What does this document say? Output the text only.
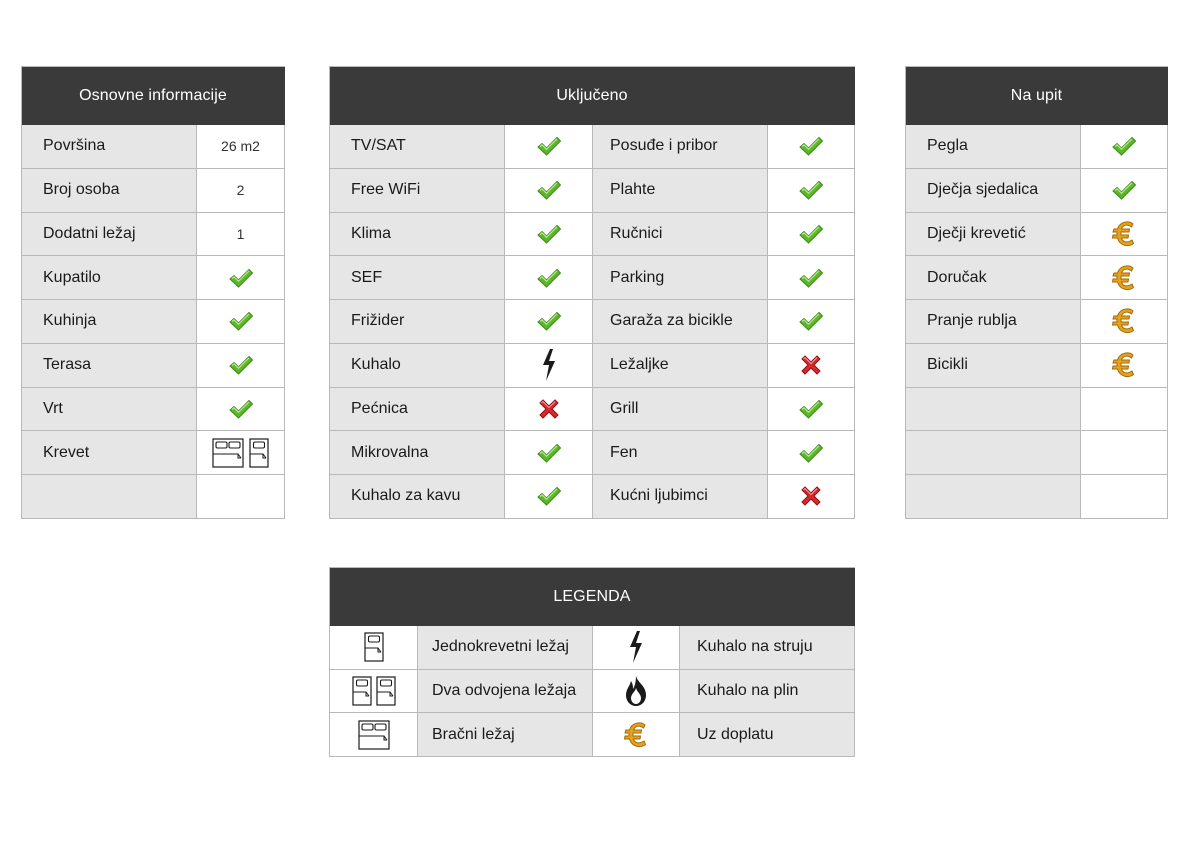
Osnovne informacije
Površina	26 m2
Broj osoba	2
Dodatni ležaj	1
Kupatilo
Kuhinja
Terasa
Vrt
Krevet
Uključeno
TV/SAT	Posuđe i pribor
Free WiFi	Plahte
Klima	Ručnici
SEF	Parking
Frižider	Garaža za bicikle
Kuhalo	Ležaljke
Pećnica	Grill
Mikrovalna	Fen
Kuhalo za kavu	Kućni ljubimci
Na upit
Pegla
Dječja sjedalica
Dječji krevetić
Doručak
Pranje rublja
Bicikli
LEGENDA
Jednokrevetni ležaj	Kuhalo na struju
Dva odvojena ležaja	Kuhalo na plin
Bračni ležaj	Uz doplatu
